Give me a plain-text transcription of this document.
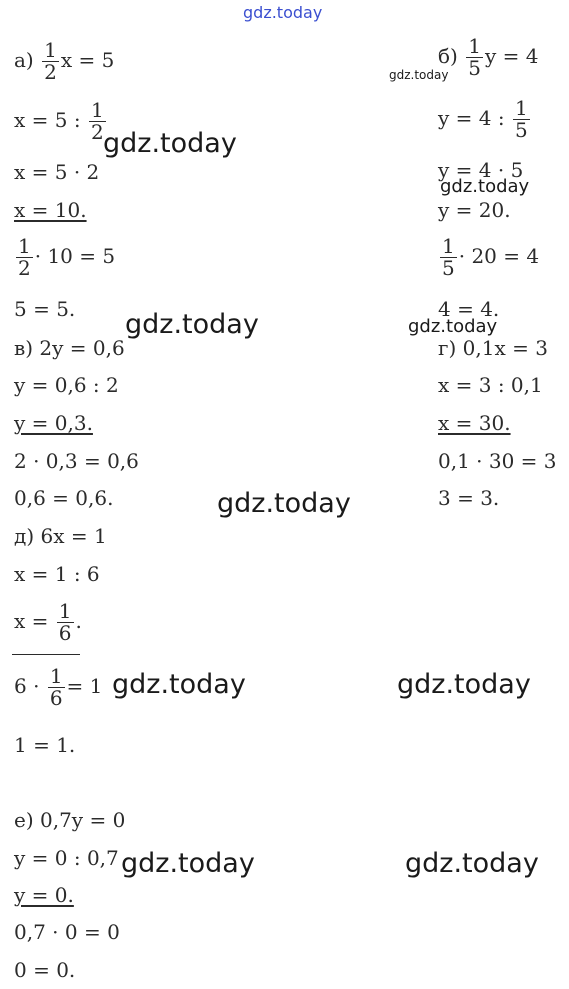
gdz.today
$а) \frac{1}{2}$ x = 5
x = 5 : $\frac{1}{2}$
x = 5 · 2
x = 10.
$\frac{1}{2} \cdot 10 = 5$
5 = 5.
$б) \frac{1}{5}$ y = 4
y = 4 : $\frac{1}{5}$
y = 4 · 5
y = 20.
$\frac{1}{5} \cdot 20 = 4$
4 = 4.
в) 2y = 0,6
y = 0,6 : 2
y = 0,3.
2 · 0,3 = 0,6
0,6 = 0,6.
г) 0,1x = 3
x = 3 : 0,1
x = 30.
0,1 · 30 = 3
3 = 3.
д) 6x = 1
x = 1 : 6
$x = \frac{1}{6}$ .
$6 \cdot \frac{1}{6} = 1$
1 = 1.
е) 0,7y = 0
y = 0 : 0,7
y = 0.
0,7 · 0 = 0
0 = 0.
gdz.today
gdz.today
gdz.today
gdz.today	gdz.today
gdz.today
gdz.today	gdz.today
gdz.today	gdz.today
